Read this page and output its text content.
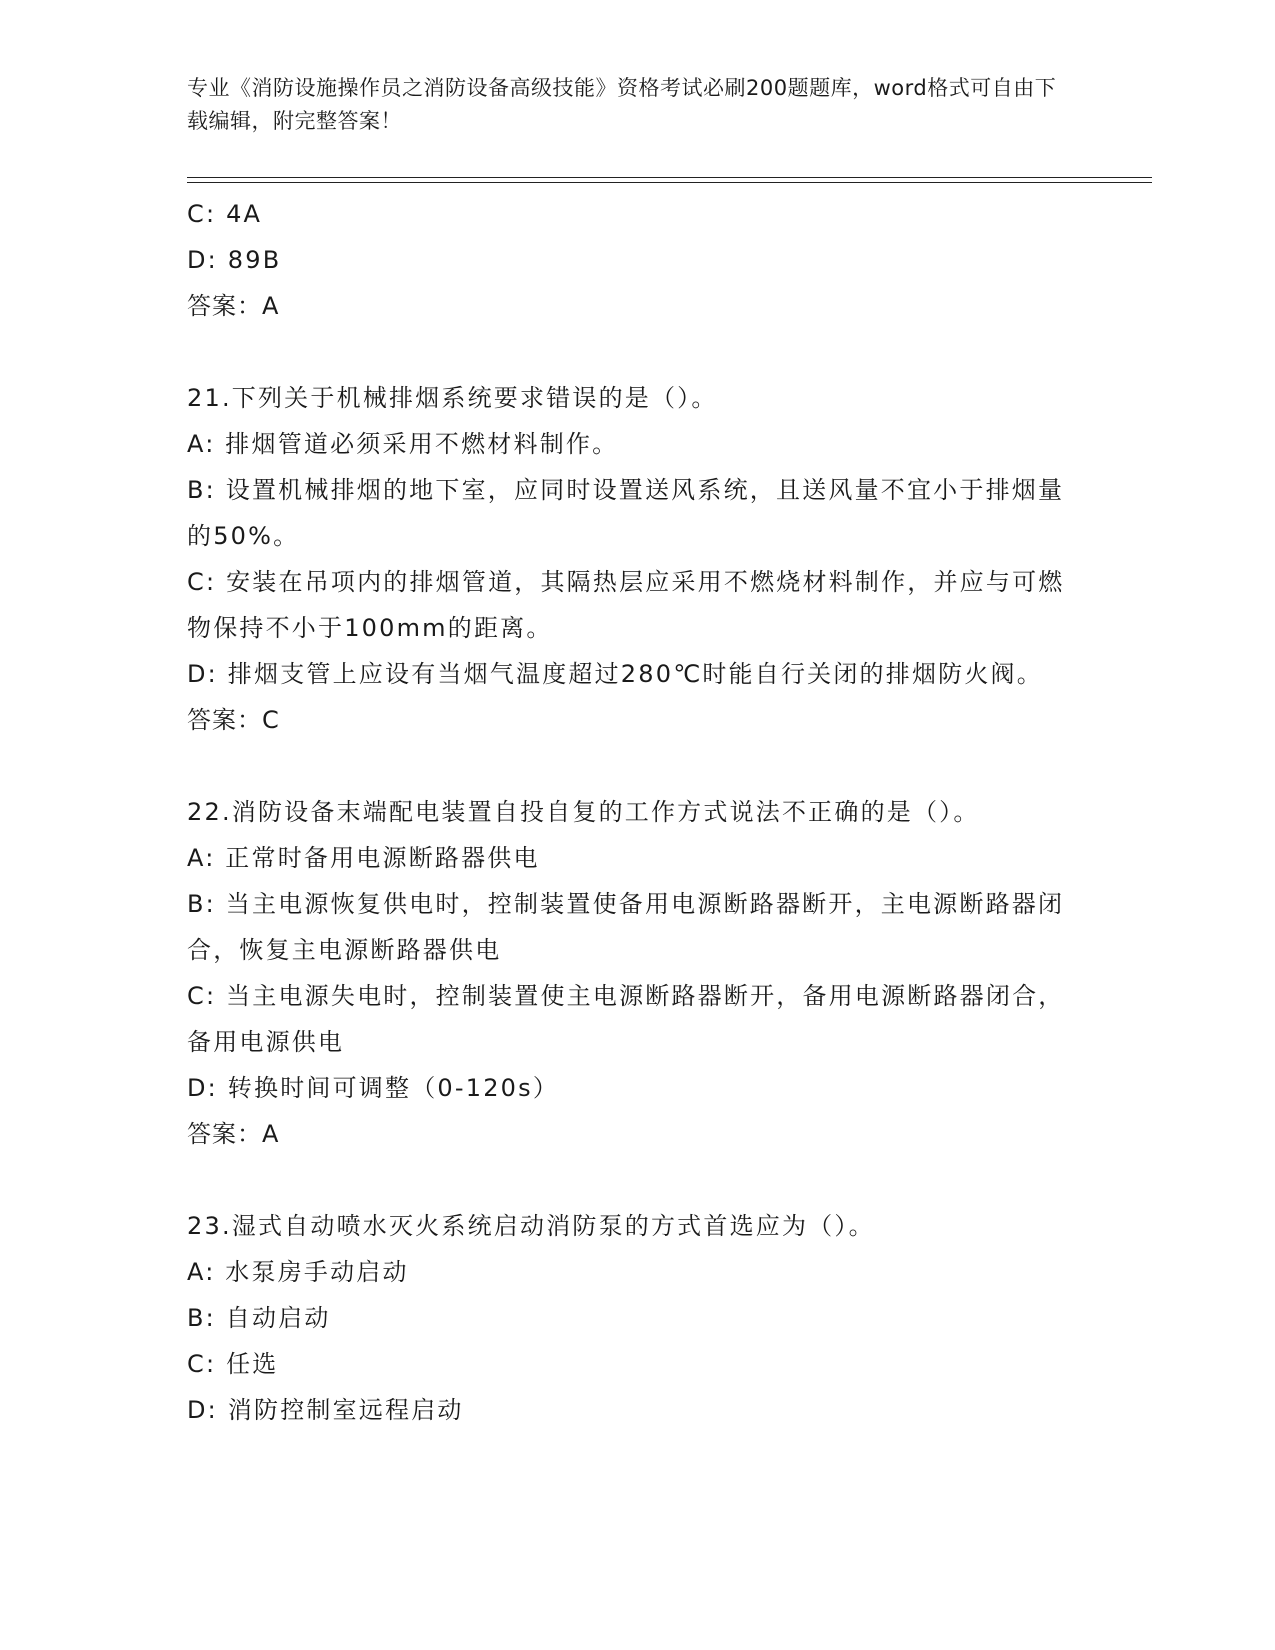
专业《消防设施操作员之消防设备高级技能》资格考试必刷200题题库，word格式可自由下载编辑，附完整答案！
C: 4A
D: 89B
答案：A
21.下列关于机械排烟系统要求错误的是（）。
A: 排烟管道必须采用不燃材料制作。
B: 设置机械排烟的地下室，应同时设置送风系统，且送风量不宜小于排烟量的50%。
C: 安装在吊项内的排烟管道，其隔热层应采用不燃烧材料制作，并应与可燃物保持不小于100mm的距离。
D: 排烟支管上应设有当烟气温度超过280℃时能自行关闭的排烟防火阀。
答案：C
22.消防设备末端配电装置自投自复的工作方式说法不正确的是（）。
A: 正常时备用电源断路器供电
B: 当主电源恢复供电时，控制装置使备用电源断路器断开，主电源断路器闭合，恢复主电源断路器供电
C: 当主电源失电时，控制装置使主电源断路器断开，备用电源断路器闭合，备用电源供电
D: 转换时间可调整（0-120s）
答案：A
23.湿式自动喷水灭火系统启动消防泵的方式首选应为（）。
A: 水泵房手动启动
B: 自动启动
C: 任选
D: 消防控制室远程启动
